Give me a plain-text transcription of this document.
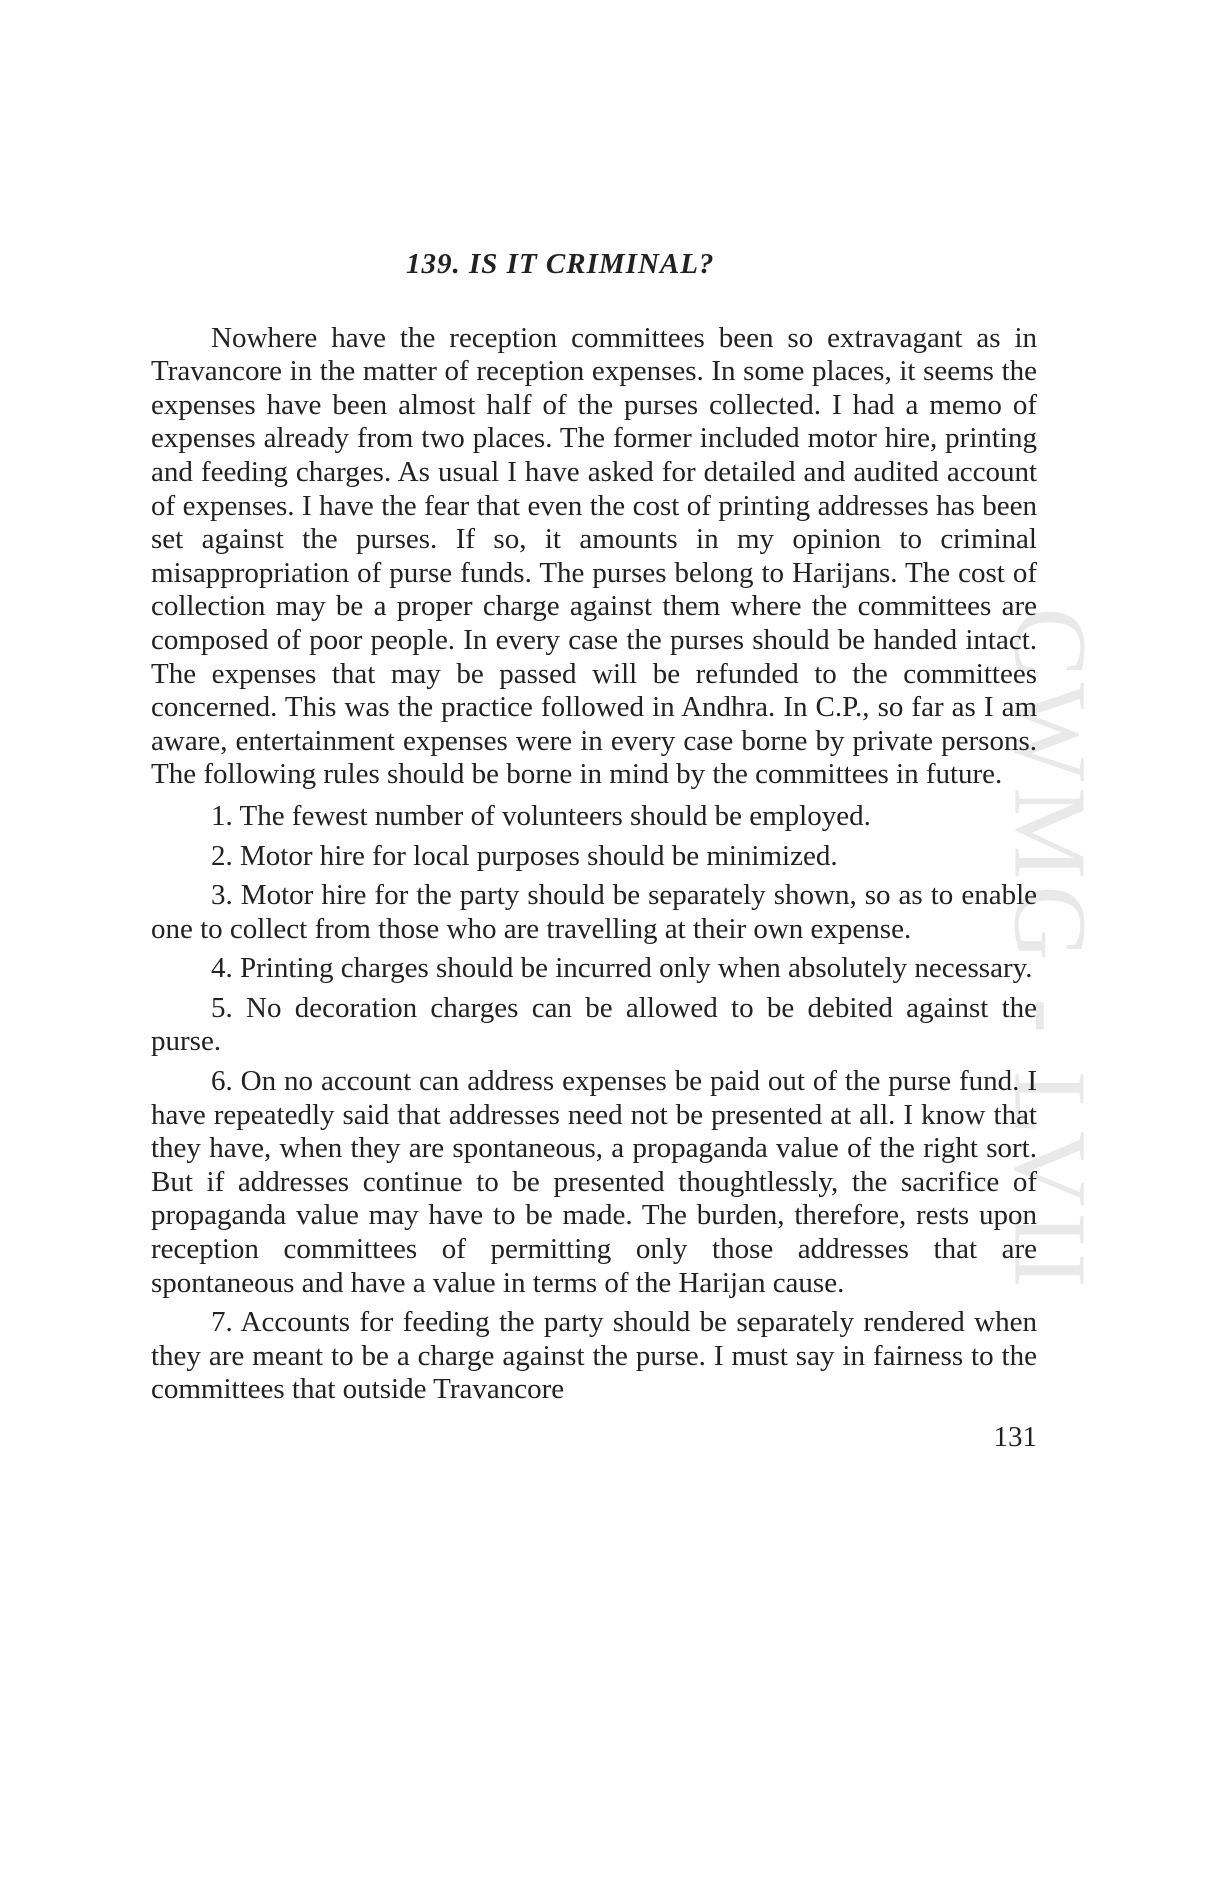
CWMG - LVII
139. IS IT CRIMINAL?

Nowhere have the reception committees been so extravagant as in Travancore in the matter of reception expenses. In some places, it seems the expenses have been almost half of the purses collected. I had a memo of expenses already from two places. The former included motor hire, printing and feeding charges. As usual I have asked for detailed and audited account of expenses. I have the fear that even the cost of printing addresses has been set against the purses. If so, it amounts in my opinion to criminal misappropriation of purse funds. The purses belong to Harijans. The cost of collection may be a proper charge against them where the committees are composed of poor people. In every case the purses should be handed intact. The expenses that may be passed will be refunded to the committees concerned. This was the practice followed in Andhra. In C.P., so far as I am aware, entertainment expenses were in every case borne by private persons. The following rules should be borne in mind by the committees in future.

1. The fewest number of volunteers should be employed.

2. Motor hire for local purposes should be minimized.

3. Motor hire for the party should be separately shown, so as to enable one to collect from those who are travelling at their own expense.

4. Printing charges should be incurred only when absolutely necessary.

5. No decoration charges can be allowed to be debited against the purse.

6. On no account can address expenses be paid out of the purse fund. I have repeatedly said that addresses need not be presented at all. I know that they have, when they are spontaneous, a propaganda value of the right sort. But if addresses continue to be presented thoughtlessly, the sacrifice of propaganda value may have to be made. The burden, therefore, rests upon reception committees of permitting only those addresses that are spontaneous and have a value in terms of the Harijan cause.

7. Accounts for feeding the party should be separately rendered when they are meant to be a charge against the purse. I must say in fairness to the committees that outside Travancore

131
